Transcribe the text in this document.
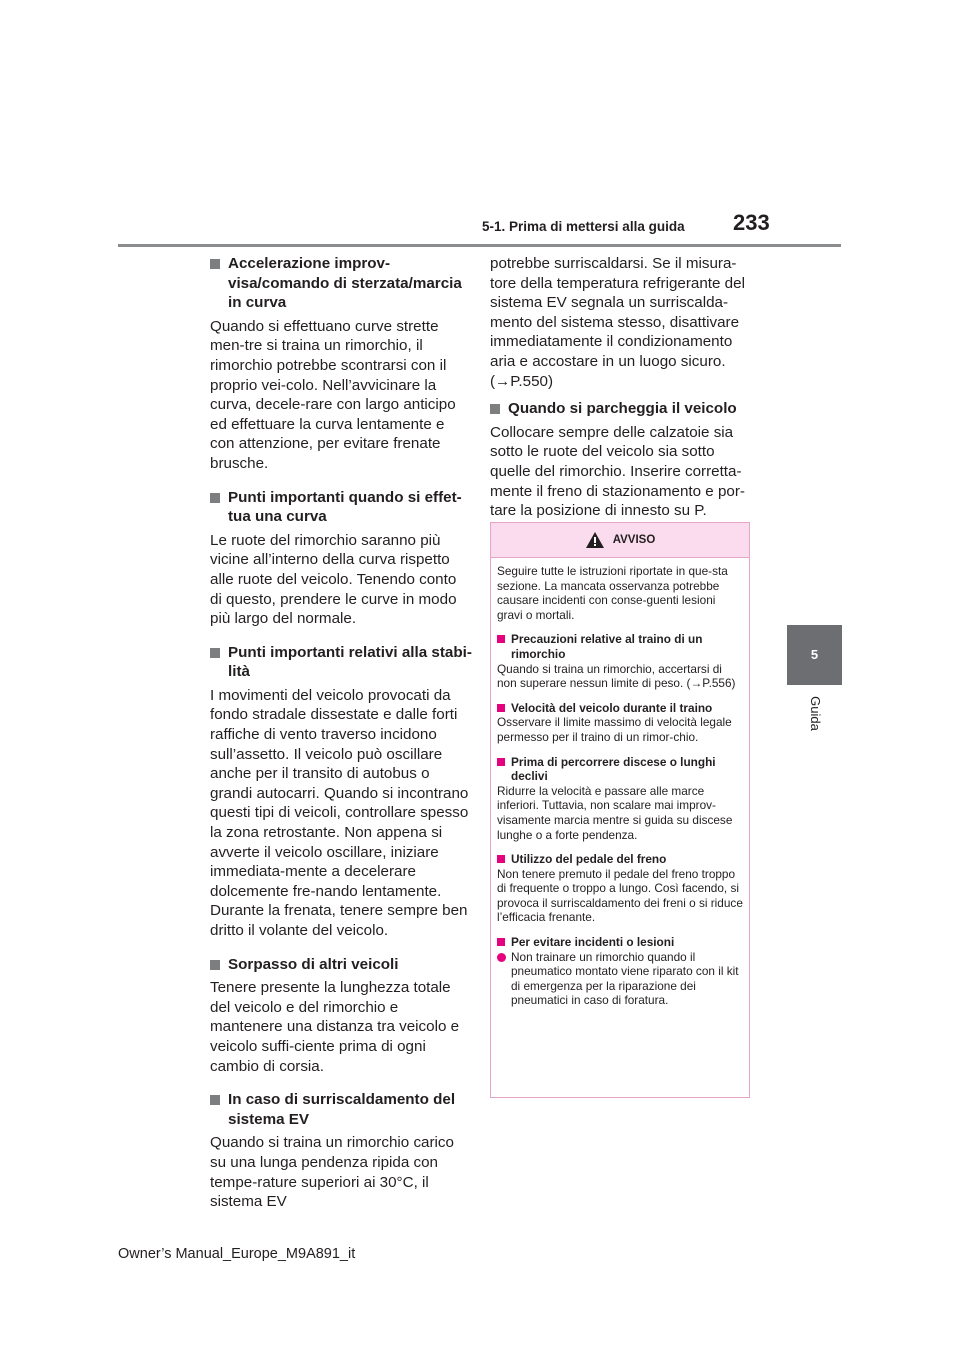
5-1. Prima di mettersi alla guida 233
5
Guida
Accelerazione improv-visa/comando di sterzata/marcia in curva

Quando si effettuano curve strette men-tre si traina un rimorchio, il rimorchio potrebbe scontrarsi con il proprio vei-colo. Nell’avvicinare la curva, decele-rare con largo anticipo ed effettuare la curva lentamente e con attenzione, per evitare frenate brusche.

Punti importanti quando si effet-tua una curva

Le ruote del rimorchio saranno più vicine all’interno della curva rispetto alle ruote del veicolo. Tenendo conto di questo, prendere le curve in modo più largo del normale.

Punti importanti relativi alla stabi-lità

I movimenti del veicolo provocati da fondo stradale dissestate e dalle forti raffiche di vento traverso incidono sull’assetto. Il veicolo può oscillare anche per il transito di autobus o grandi autocarri. Quando si incontrano questi tipi di veicoli, controllare spesso la zona retrostante. Non appena si avverte il veicolo oscillare, iniziare immediata-mente a decelerare dolcemente fre-nando lentamente. Durante la frenata, tenere sempre ben dritto il volante del veicolo.

Sorpasso di altri veicoli

Tenere presente la lunghezza totale del veicolo e del rimorchio e mantenere una distanza tra veicolo e veicolo suffi-ciente prima di ogni cambio di corsia.

In caso di surriscaldamento del sistema EV

Quando si traina un rimorchio carico su una lunga pendenza ripida con tempe-rature superiori ai 30°C, il sistema EV

potrebbe surriscaldarsi. Se il misura-tore della temperatura refrigerante del sistema EV segnala un surriscalda-mento del sistema stesso, disattivare immediatamente il condizionamento aria e accostare in un luogo sicuro. (→P.550)

Quando si parcheggia il veicolo

Collocare sempre delle calzatoie sia sotto le ruote del veicolo sia sotto quelle del rimorchio. Inserire corretta-mente il freno di stazionamento e por-tare la posizione di innesto su P.

AVVISO

Seguire tutte le istruzioni riportate in que-sta sezione. La mancata osservanza potrebbe causare incidenti con conse-guenti lesioni gravi o mortali.

Precauzioni relative al traino di un rimorchio

Quando si traina un rimorchio, accertarsi di non superare nessun limite di peso. (→P.556)

Velocità del veicolo durante il traino

Osservare il limite massimo di velocità legale permesso per il traino di un rimor-chio.

Prima di percorrere discese o lunghi declivi

Ridurre la velocità e passare alle marce inferiori. Tuttavia, non scalare mai improv-visamente marcia mentre si guida su discese lunghe o a forte pendenza.

Utilizzo del pedale del freno

Non tenere premuto il pedale del freno troppo di frequente o troppo a lungo. Così facendo, si provoca il surriscaldamento dei freni o si riduce l’efficacia frenante.

Per evitare incidenti o lesioni
Non trainare un rimorchio quando il pneumatico montato viene riparato con il kit di emergenza per la riparazione dei pneumatici in caso di foratura.
Owner’s Manual_Europe_M9A891_it
